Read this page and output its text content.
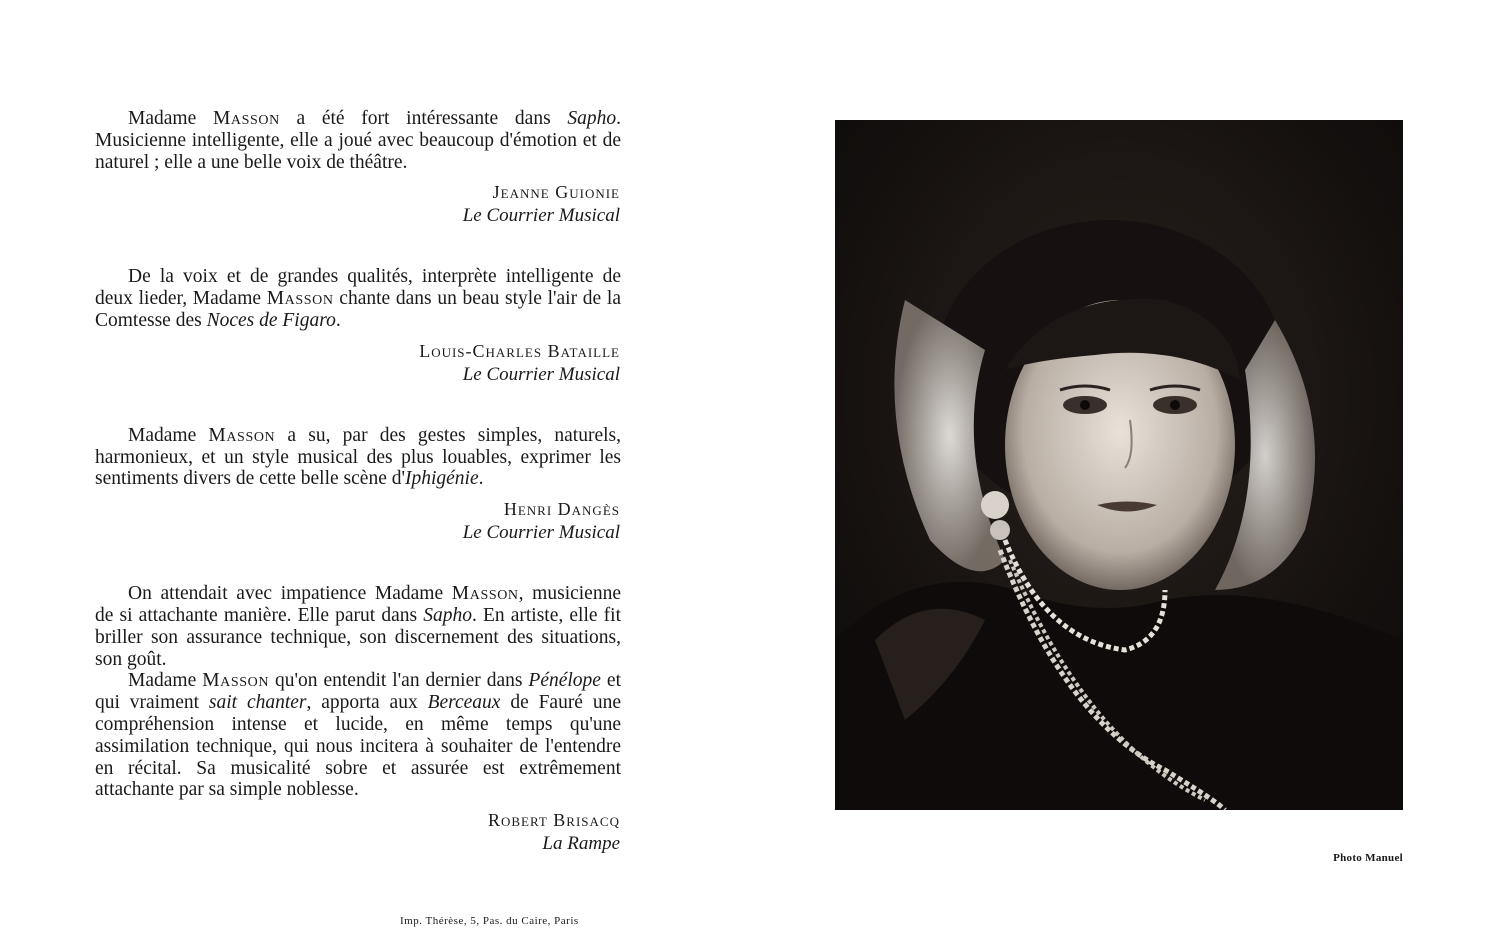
Madame Masson a été fort intéressante dans Sapho. Musicienne intelligente, elle a joué avec beaucoup d'émotion et de naturel ; elle a une belle voix de théâtre.

Jeanne Guionie
Le Courrier Musical

De la voix et de grandes qualités, interprète intelligente de deux lieder, Madame Masson chante dans un beau style l'air de la Comtesse des Noces de Figaro.

Louis-Charles Bataille
Le Courrier Musical

Madame Masson a su, par des gestes simples, naturels, harmonieux, et un style musical des plus louables, exprimer les sentiments divers de cette belle scène d'Iphigénie.

Henri Dangès
Le Courrier Musical

On attendait avec impatience Madame Masson, musicienne de si attachante manière. Elle parut dans Sapho. En artiste, elle fit briller son assurance technique, son discernement des situations, son goût.

Madame Masson qu'on entendit l'an dernier dans Pénélope et qui vraiment sait chanter, apporta aux Berceaux de Fauré une compréhension intense et lucide, en même temps qu'une assimilation technique, qui nous incitera à souhaiter de l'entendre en récital. Sa musicalité sobre et assurée est extrêmement attachante par sa simple noblesse.

Robert Brisacq
La Rampe
Photo Manuel
Imp. Thérèse, 5, Pas. du Caire, Paris
